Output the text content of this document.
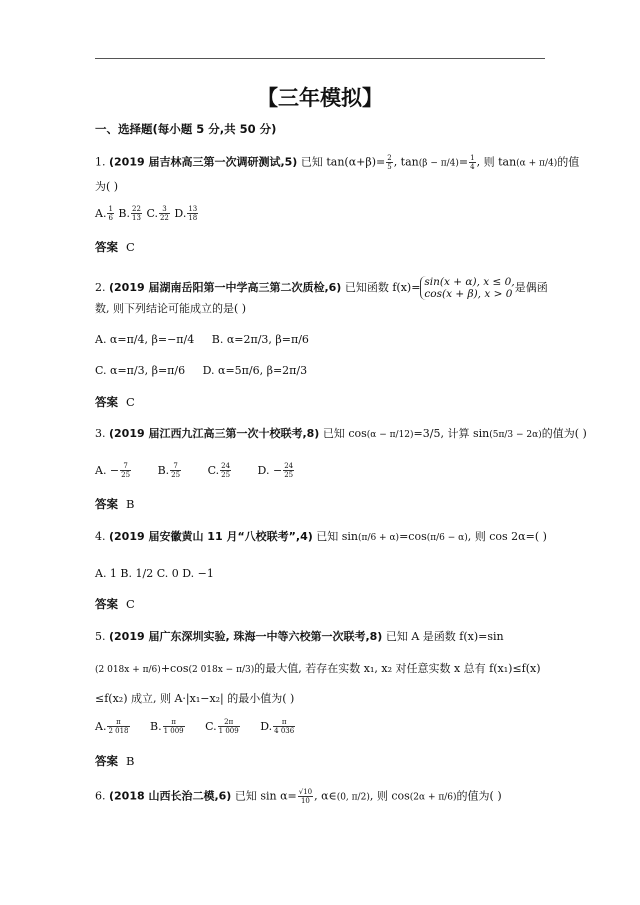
【三年模拟】
一、选择题(每小题 5 分,共 50 分)
1. (2019 届吉林高三第一次调研测试,5) 已知 $\tan(\alpha+\beta)= \frac{2}{5}$ , $\tan(\beta - \pi/4)= \frac{1}{4}$ , 则 tan(α + π/4)的值
为( )
A. $\frac{1}{6} B$. $\frac{22}{13} C$. $\frac{3}{22} D$. $\frac{13}{18}$
答案 C
2. (2019 届湖南岳阳第一中学高三第二次质检,6) 已知函数 f(x)= sin(x + α), x ≤ 0,
cos(x + β), x > 0 是偶函
数, 则下列结论可能成立的是( )
A. α=π/4, β=−π/4 B. α=2π/3, β=π/6
C. α=π/3, β=π/6 D. α=5π/6, β=2π/3
答案 C
3. (2019 届江西九江高三第一次十校联考,8) 已知 cos(α − π/12)=3/5, 计算 sin(5π/3 − 2α)的值为( )
A. − $\frac{7}{25} B$. $\frac{7}{25} C$. $\frac{24}{25} D$. − $\frac{24}{25}$
答案 B
4. (2019 届安徽黄山 11 月“八校联考”,4) 已知 sin(π/6 + α)=cos(π/6 − α), 则 cos 2α=( )
A. 1 B. 1/2 C. 0 D. −1
答案 C
5. (2019 届广东深圳实验, 珠海一中等六校第一次联考,8) 已知 A 是函数 f(x)=sin
(2 018x + π/6)+cos(2 018x − π/3)的最大值, 若存在实数 x₁, x₂ 对任意实数 x 总有 f(x₁)≤f(x)
≤f(x₂) 成立, 则 A·|x₁−x₂| 的最小值为( )
A. $\frac{\pi}{2 018} B$. $\frac{\pi}{1 009} C$. $\frac{2\pi}{1 009} D$. $\frac{\pi}{4 036}$
答案 B
6. (2018 山西长治二模,6) 已知 $\sin \alpha= \frac{√10}{10}$ , α∈(0, π/2), 则 cos(2α + π/6)的值为( )
